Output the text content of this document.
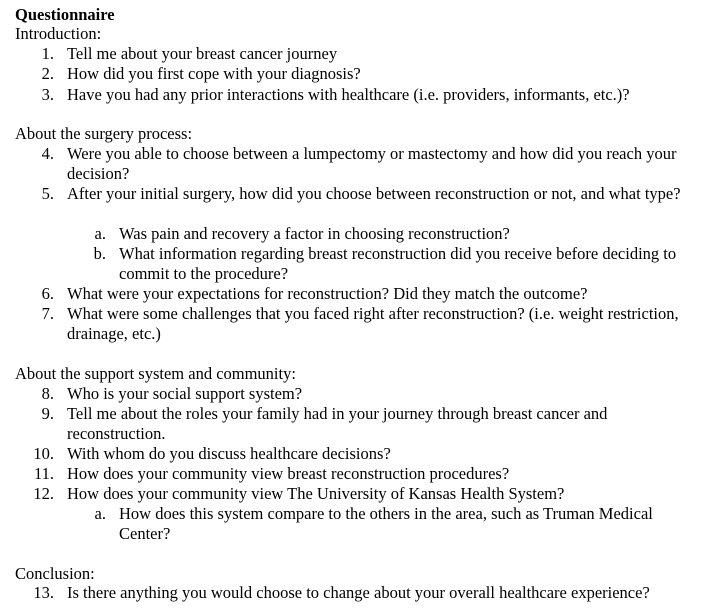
Questionnaire
Introduction:
1. Tell me about your breast cancer journey
2. How did you first cope with your diagnosis?
3. Have you had any prior interactions with healthcare (i.e. providers, informants, etc.)?
About the surgery process:
4. Were you able to choose between a lumpectomy or mastectomy and how did you reach your decision?
5. After your initial surgery, how did you choose between reconstruction or not, and what type?
a. Was pain and recovery a factor in choosing reconstruction?
b. What information regarding breast reconstruction did you receive before deciding to commit to the procedure?
6. What were your expectations for reconstruction? Did they match the outcome?
7. What were some challenges that you faced right after reconstruction? (i.e. weight restriction, drainage, etc.)
About the support system and community:
8. Who is your social support system?
9. Tell me about the roles your family had in your journey through breast cancer and reconstruction.
10. With whom do you discuss healthcare decisions?
11. How does your community view breast reconstruction procedures?
12. How does your community view The University of Kansas Health System?
a. How does this system compare to the others in the area, such as Truman Medical Center?
Conclusion:
13. Is there anything you would choose to change about your overall healthcare experience?
